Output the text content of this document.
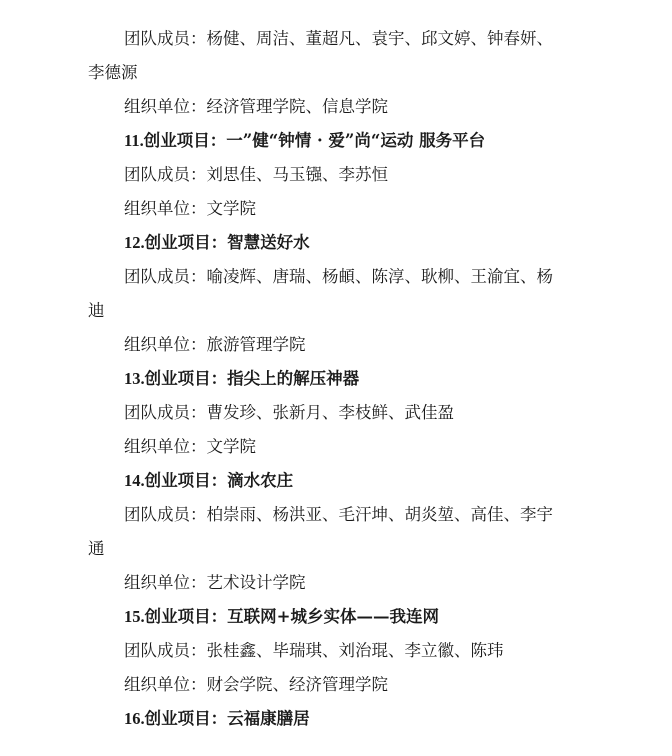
团队成员：杨健、周洁、董超凡、袁宇、邱文婷、钟春妍、
李德源
组织单位：经济管理学院、信息学院
11.创业项目：一”健“钟情 · 爱”尚“运动 服务平台
团队成员：刘思佳、马玉镪、李苏恒
组织单位：文学院
12.创业项目：智慧送好水
团队成员：喻凌辉、唐瑞、杨頔、陈淳、耿柳、王渝宜、杨
迪
组织单位：旅游管理学院
13.创业项目：指尖上的解压神器
团队成员：曹发珍、张新月、李枝鲜、武佳盈
组织单位：文学院
14.创业项目：滴水农庄
团队成员：柏崇雨、杨洪亚、毛汗坤、胡炎堃、高佳、李宇
通
组织单位：艺术设计学院
15.创业项目：互联网+城乡实体——我连网
团队成员：张桂鑫、毕瑞琪、刘治琨、李立徽、陈玮
组织单位：财会学院、经济管理学院
16.创业项目：云福康膳居
